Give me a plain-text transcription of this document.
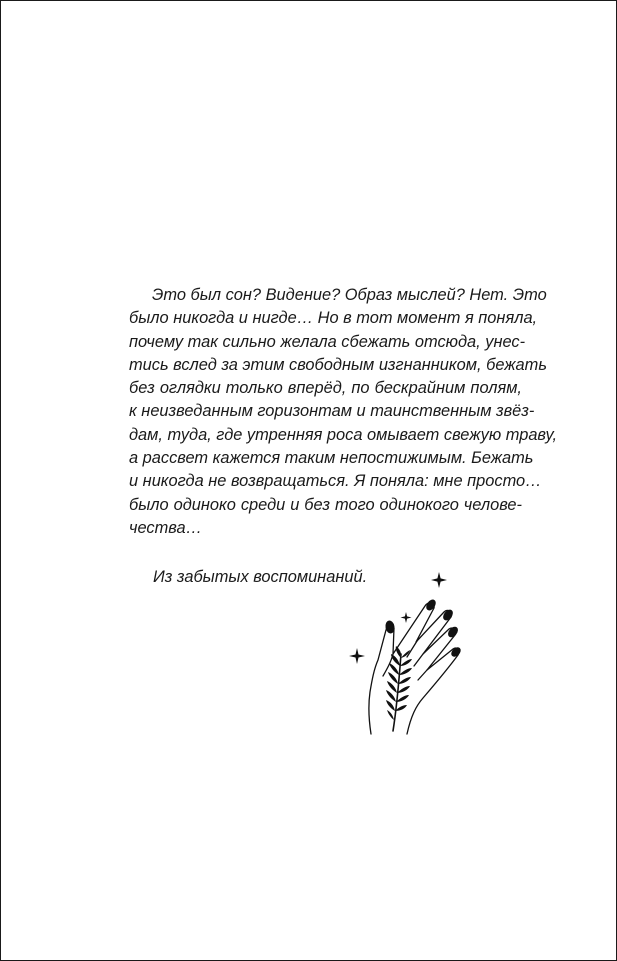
Это был сон? Видение? Образ мыслей? Нет. Это
было никогда и нигде… Но в тот момент я поняла,
почему так сильно желала сбежать отсюда, унес-
тись вслед за этим свободным изгнанником, бежать
без оглядки только вперёд, по бескрайним полям,
к неизведанным горизонтам и таинственным звёз-
дам, туда, где утренняя роса омывает свежую траву,
а рассвет кажется таким непостижимым. Бежать
и никогда не возвращаться. Я поняла: мне просто…
было одиноко среди и без того одинокого челове-
чества…
Из забытых воспоминаний.
